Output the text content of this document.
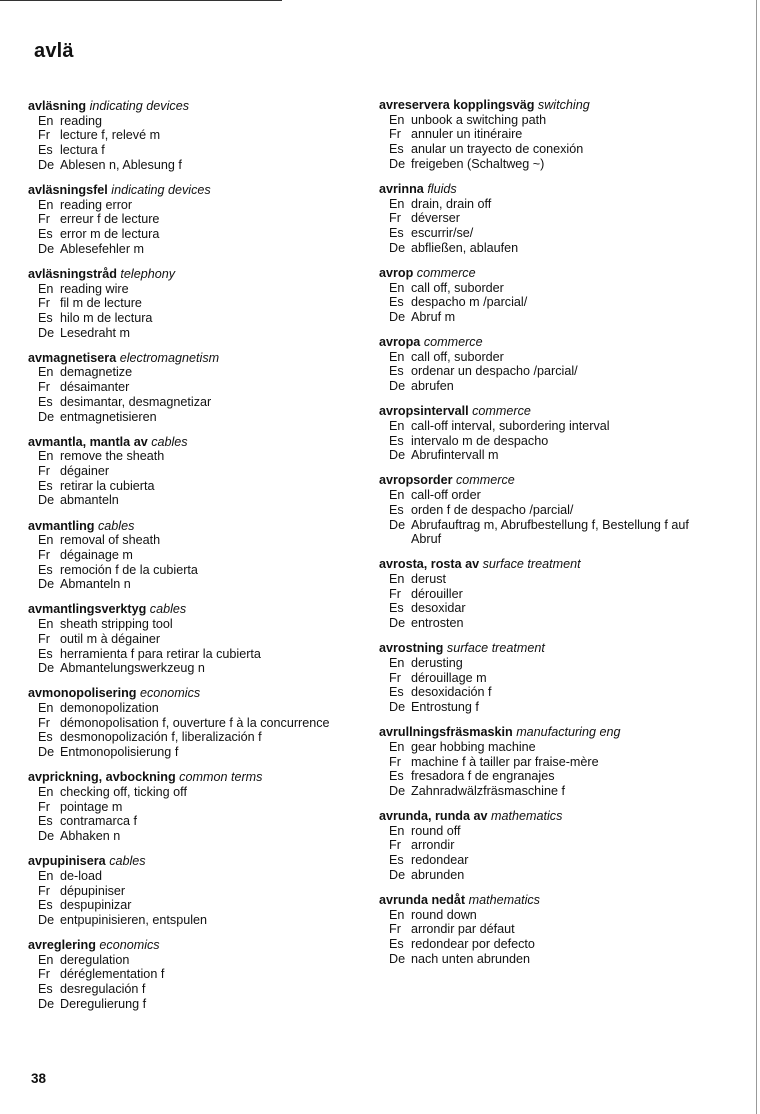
avlä
avläsning indicating devices
En reading
Fr lecture f, relevé m
Es lectura f
De Ablesen n, Ablesung f
avläsningsfel indicating devices
En reading error
Fr erreur f de lecture
Es error m de lectura
De Ablesefehler m
avläsningstråd telephony
En reading wire
Fr fil m de lecture
Es hilo m de lectura
De Lesedraht m
avmagnetisera electromagnetism
En demagnetize
Fr désaimanter
Es desimantar, desmagnetizar
De entmagnetisieren
avmantla, mantla av cables
En remove the sheath
Fr dégainer
Es retirar la cubierta
De abmanteln
avmantling cables
En removal of sheath
Fr dégainage m
Es remoción f de la cubierta
De Abmanteln n
avmantlingsverktyg cables
En sheath stripping tool
Fr outil m à dégainer
Es herramienta f para retirar la cubierta
De Abmantelungswerkzeug n
avmonopolisering economics
En demonopolization
Fr démonopolisation f, ouverture f à la concurrence
Es desmonopolización f, liberalización f
De Entmonopolisierung f
avprickning, avbockning common terms
En checking off, ticking off
Fr pointage m
Es contramarca f
De Abhaken n
avpupinisera cables
En de-load
Fr dépupiniser
Es despupinizar
De entpupinisieren, entspulen
avreglering economics
En deregulation
Fr déréglementation f
Es desregulación f
De Deregulierung f
avreservera kopplingsväg switching
En unbook a switching path
Fr annuler un itinéraire
Es anular un trayecto de conexión
De freigeben (Schaltweg ~)
avrinna fluids
En drain, drain off
Fr déverser
Es escurrir/se/
De abfließen, ablaufen
avrop commerce
En call off, suborder
Es despacho m /parcial/
De Abruf m
avropa commerce
En call off, suborder
Es ordenar un despacho /parcial/
De abrufen
avropsintervall commerce
En call-off interval, subordering interval
Es intervalo m de despacho
De Abrufintervall m
avropsorder commerce
En call-off order
Es orden f de despacho /parcial/
De Abrufauftrag m, Abrufbestellung f, Bestellung f auf Abruf
avrosta, rosta av surface treatment
En derust
Fr dérouiller
Es desoxidar
De entrosten
avrostning surface treatment
En derusting
Fr dérouillage m
Es desoxidación f
De Entrostung f
avrullningsfräsmaskin manufacturing eng
En gear hobbing machine
Fr machine f à tailler par fraise-mère
Es fresadora f de engranajes
De Zahnradwälzfräsmaschine f
avrunda, runda av mathematics
En round off
Fr arrondir
Es redondear
De abrunden
avrunda nedåt mathematics
En round down
Fr arrondir par défaut
Es redondear por defecto
De nach unten abrunden
38
